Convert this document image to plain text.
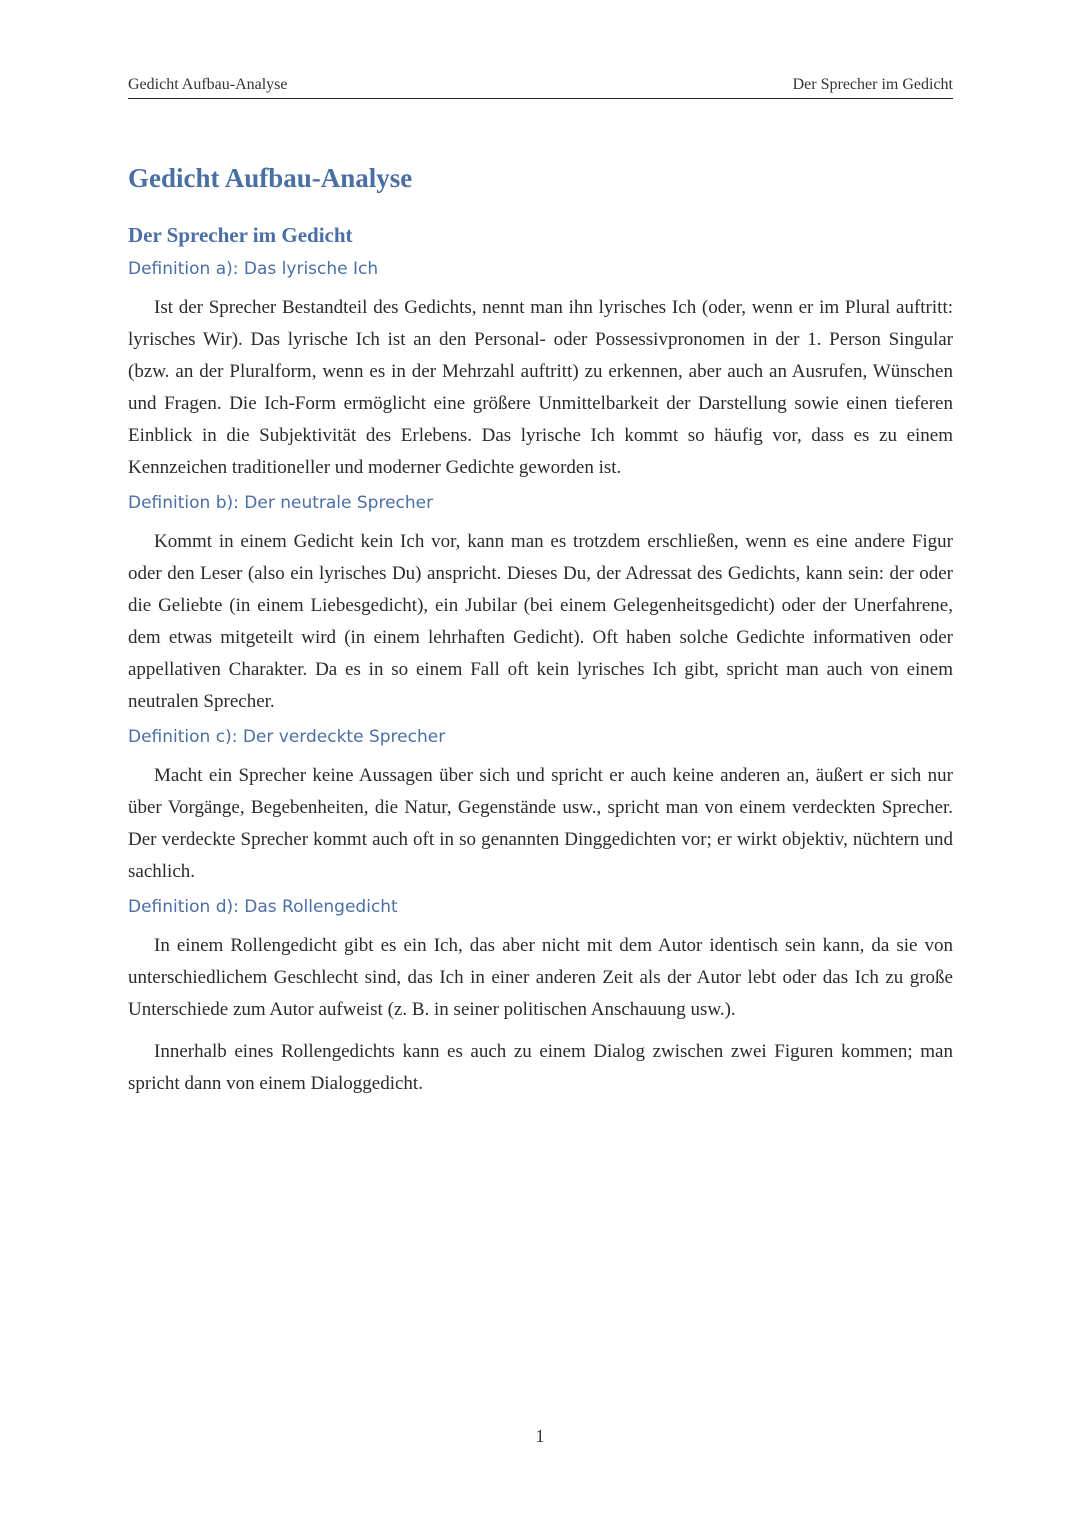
Gedicht Aufbau-Analyse	Der Sprecher im Gedicht
Gedicht Aufbau-Analyse
Der Sprecher im Gedicht
Definition a): Das lyrische Ich

Ist der Sprecher Bestandteil des Gedichts, nennt man ihn lyrisches Ich (oder, wenn er im Plural auftritt: lyrisches Wir). Das lyrische Ich ist an den Personal- oder Possessivpronomen in der 1. Person Singular (bzw. an der Pluralform, wenn es in der Mehrzahl auftritt) zu erkennen, aber auch an Ausrufen, Wünschen und Fragen. Die Ich-Form ermöglicht eine größere Unmittelbarkeit der Darstellung sowie einen tieferen Einblick in die Subjektivität des Erlebens. Das lyrische Ich kommt so häufig vor, dass es zu einem Kennzeichen traditioneller und moderner Gedichte geworden ist.

Definition b): Der neutrale Sprecher

Kommt in einem Gedicht kein Ich vor, kann man es trotzdem erschließen, wenn es eine andere Figur oder den Leser (also ein lyrisches Du) anspricht. Dieses Du, der Adressat des Gedichts, kann sein: der oder die Geliebte (in einem Liebesgedicht), ein Jubilar (bei einem Gelegenheitsgedicht) oder der Unerfahrene, dem etwas mitgeteilt wird (in einem lehrhaften Gedicht). Oft haben solche Gedichte informativen oder appellativen Charakter. Da es in so einem Fall oft kein lyrisches Ich gibt, spricht man auch von einem neutralen Sprecher.

Definition c): Der verdeckte Sprecher

Macht ein Sprecher keine Aussagen über sich und spricht er auch keine anderen an, äußert er sich nur über Vorgänge, Begebenheiten, die Natur, Gegenstände usw., spricht man von einem verdeckten Sprecher. Der verdeckte Sprecher kommt auch oft in so genannten Dinggedichten vor; er wirkt objektiv, nüchtern und sachlich.

Definition d): Das Rollengedicht

In einem Rollengedicht gibt es ein Ich, das aber nicht mit dem Autor identisch sein kann, da sie von unterschiedlichem Geschlecht sind, das Ich in einer anderen Zeit als der Autor lebt oder das Ich zu große Unterschiede zum Autor aufweist (z. B. in seiner politischen Anschauung usw.).

Innerhalb eines Rollengedichts kann es auch zu einem Dialog zwischen zwei Figuren kommen; man spricht dann von einem Dialoggedicht.

1
